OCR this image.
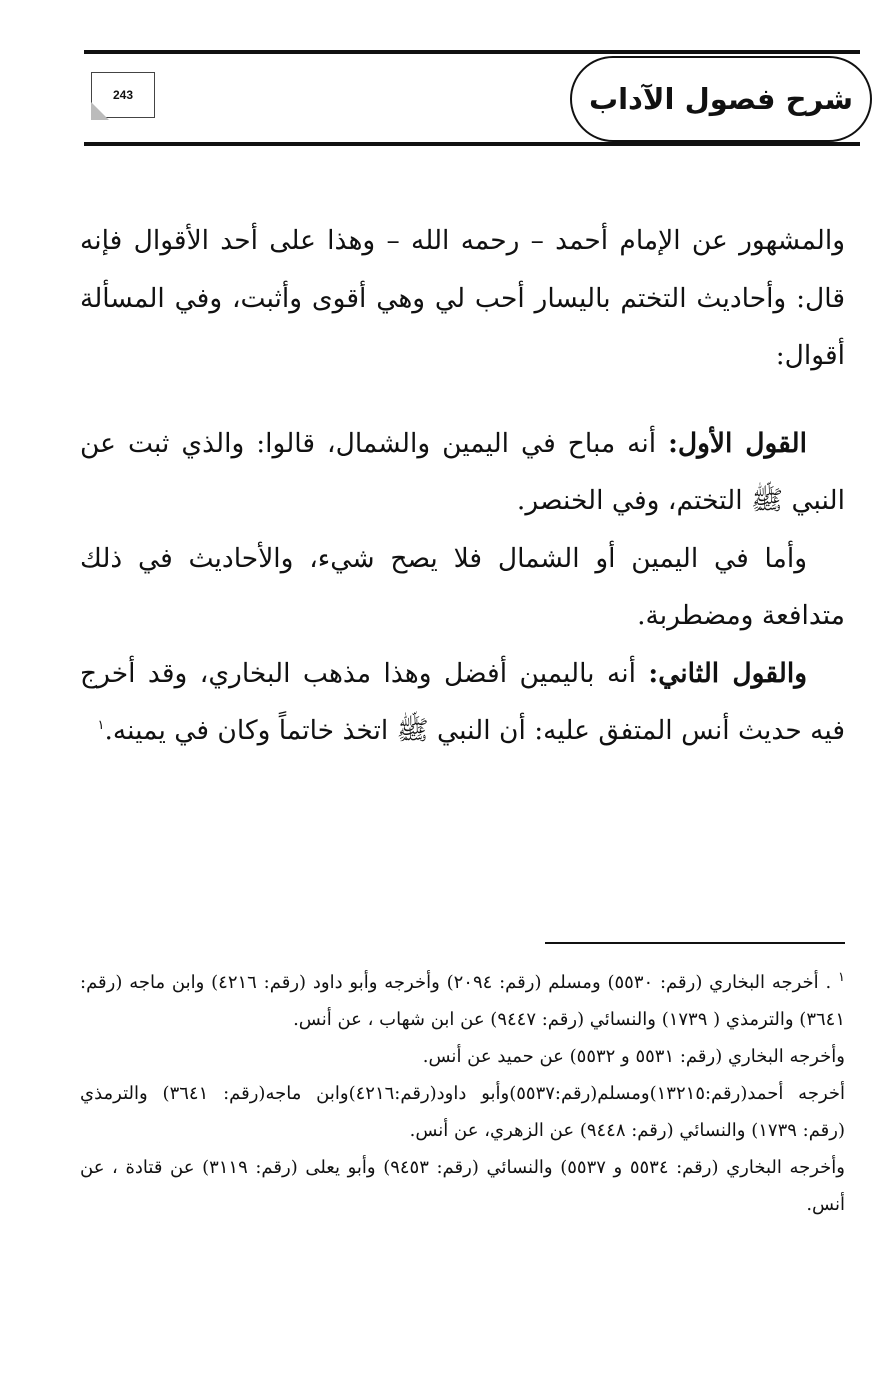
شرح فصول الآداب
243

والمشهور عن الإمام أحمد – رحمه الله – وهذا على أحد الأقوال فإنه قال: وأحاديث التختم باليسار أحب لي وهي أقوى وأثبت، وفي المسألة أقوال:

القول الأول: أنه مباح في اليمين والشمال، قالوا: والذي ثبت عن النبي ﷺ التختم، وفي الخنصر.

وأما في اليمين أو الشمال فلا يصح شيء، والأحاديث في ذلك متدافعة ومضطربة.

والقول الثاني: أنه باليمين أفضل وهذا مذهب البخاري، وقد أخرج فيه حديث أنس المتفق عليه: أن النبي ﷺ اتخذ خاتماً وكان في يمينه.$^١$

$^١$ . أخرجه البخاري (رقم: ٥٥٣٠) ومسلم (رقم: ٢٠٩٤) وأخرجه وأبو داود (رقم: ٤٢١٦) وابن ماجه (رقم: ٣٦٤١) والترمذي ( ١٧٣٩) والنسائي (رقم: ٩٤٤٧) عن ابن شهاب ، عن أنس.

وأخرجه البخاري (رقم: ٥٥٣١ و ٥٥٣٢) عن حميد عن أنس.

أخرجه أحمد(رقم:١٣٢١٥)ومسلم(رقم:٥٥٣٧)وأبو داود(رقم:٤٢١٦)وابن ماجه(رقم: ٣٦٤١) والترمذي (رقم: ١٧٣٩) والنسائي (رقم: ٩٤٤٨) عن الزهري، عن أنس.

وأخرجه البخاري (رقم: ٥٥٣٤ و ٥٥٣٧) والنسائي (رقم: ٩٤٥٣) وأبو يعلى (رقم: ٣١١٩) عن قتادة ، عن أنس.
